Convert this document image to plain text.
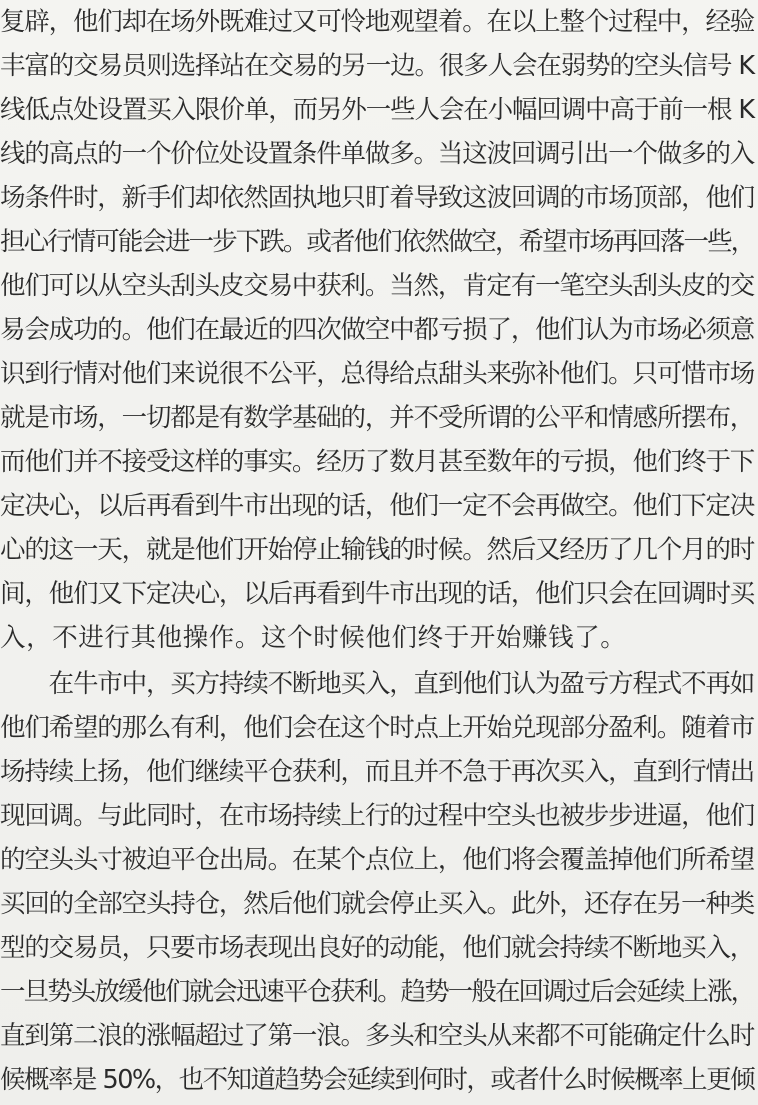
复辟，他们却在场外既难过又可怜地观望着。在以上整个过程中，经验
丰富的交易员则选择站在交易的另一边。很多人会在弱势的空头信号 K
线低点处设置买入限价单，而另外一些人会在小幅回调中高于前一根 K
线的高点的一个价位处设置条件单做多。当这波回调引出一个做多的入
场条件时，新手们却依然固执地只盯着导致这波回调的市场顶部，他们
担心行情可能会进一步下跌。或者他们依然做空，希望市场再回落一些，
他们可以从空头刮头皮交易中获利。当然，肯定有一笔空头刮头皮的交
易会成功的。他们在最近的四次做空中都亏损了，他们认为市场必须意
识到行情对他们来说很不公平，总得给点甜头来弥补他们。只可惜市场
就是市场，一切都是有数学基础的，并不受所谓的公平和情感所摆布，
而他们并不接受这样的事实。经历了数月甚至数年的亏损，他们终于下
定决心，以后再看到牛市出现的话，他们一定不会再做空。他们下定决
心的这一天，就是他们开始停止输钱的时候。然后又经历了几个月的时
间，他们又下定决心，以后再看到牛市出现的话，他们只会在回调时买
入，不进行其他操作。这个时候他们终于开始赚钱了。
　　在牛市中，买方持续不断地买入，直到他们认为盈亏方程式不再如
他们希望的那么有利，他们会在这个时点上开始兑现部分盈利。随着市
场持续上扬，他们继续平仓获利，而且并不急于再次买入，直到行情出
现回调。与此同时，在市场持续上行的过程中空头也被步步进逼，他们
的空头头寸被迫平仓出局。在某个点位上，他们将会覆盖掉他们所希望
买回的全部空头持仓，然后他们就会停止买入。此外，还存在另一种类
型的交易员，只要市场表现出良好的动能，他们就会持续不断地买入，
一旦势头放缓他们就会迅速平仓获利。趋势一般在回调过后会延续上涨，
直到第二浪的涨幅超过了第一浪。多头和空头从来都不可能确定什么时
候概率是 50%，也不知道趋势会延续到何时，或者什么时候概率上更倾
